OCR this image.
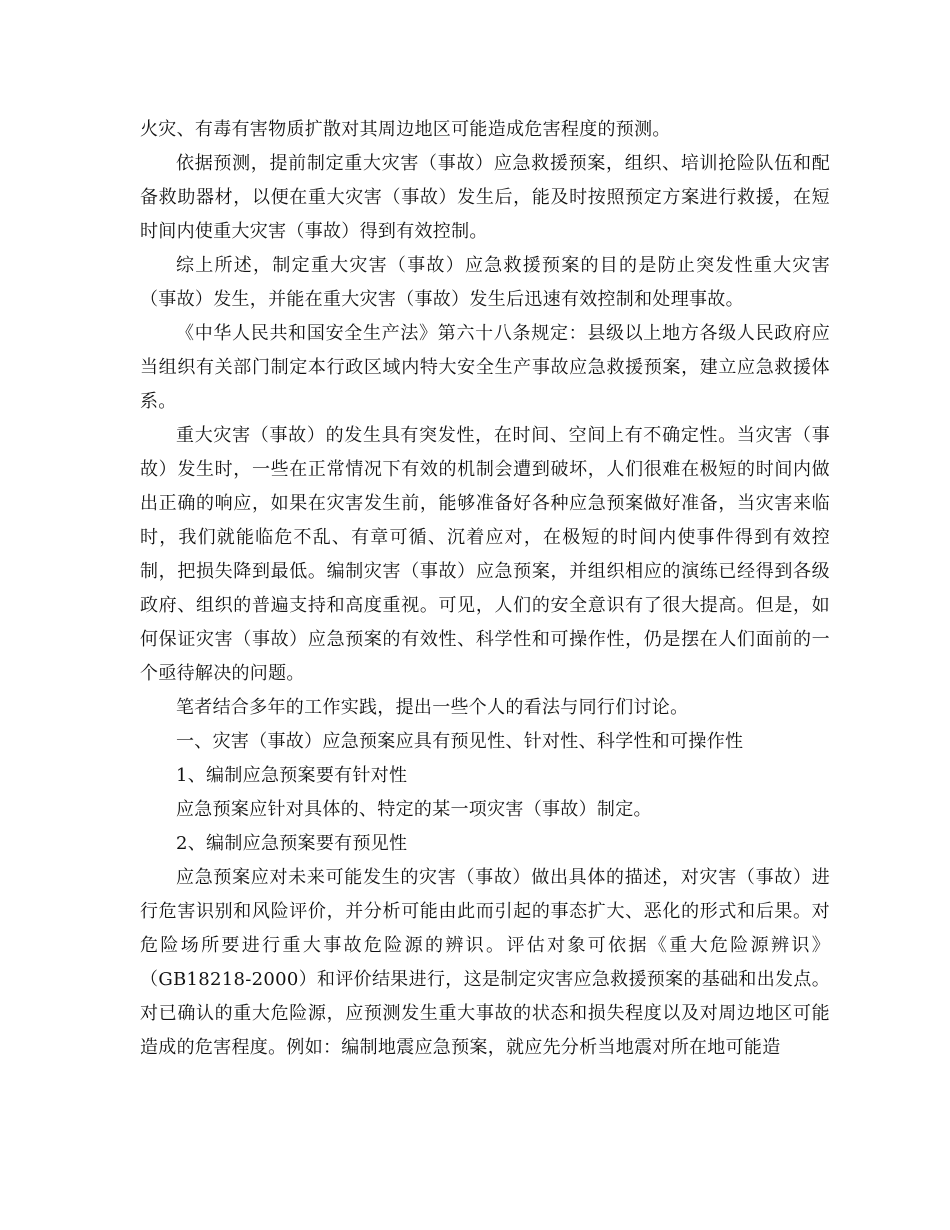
火灾、有毒有害物质扩散对其周边地区可能造成危害程度的预测。

依据预测，提前制定重大灾害（事故）应急救援预案，组织、培训抢险队伍和配备救助器材，以便在重大灾害（事故）发生后，能及时按照预定方案进行救援，在短时间内使重大灾害（事故）得到有效控制。

综上所述，制定重大灾害（事故）应急救援预案的目的是防止突发性重大灾害（事故）发生，并能在重大灾害（事故）发生后迅速有效控制和处理事故。

《中华人民共和国安全生产法》第六十八条规定：县级以上地方各级人民政府应当组织有关部门制定本行政区域内特大安全生产事故应急救援预案，建立应急救援体系。

重大灾害（事故）的发生具有突发性，在时间、空间上有不确定性。当灾害（事故）发生时，一些在正常情况下有效的机制会遭到破坏，人们很难在极短的时间内做出正确的响应，如果在灾害发生前，能够准备好各种应急预案做好准备，当灾害来临时，我们就能临危不乱、有章可循、沉着应对，在极短的时间内使事件得到有效控制，把损失降到最低。编制灾害（事故）应急预案，并组织相应的演练已经得到各级政府、组织的普遍支持和高度重视。可见，人们的安全意识有了很大提高。但是，如何保证灾害（事故）应急预案的有效性、科学性和可操作性，仍是摆在人们面前的一个亟待解决的问题。

笔者结合多年的工作实践，提出一些个人的看法与同行们讨论。

一、灾害（事故）应急预案应具有预见性、针对性、科学性和可操作性

1、编制应急预案要有针对性

应急预案应针对具体的、特定的某一项灾害（事故）制定。

2、编制应急预案要有预见性

应急预案应对未来可能发生的灾害（事故）做出具体的描述，对灾害（事故）进行危害识别和风险评价，并分析可能由此而引起的事态扩大、恶化的形式和后果。对危险场所要进行重大事故危险源的辨识。评估对象可依据《重大危险源辨识》（GB18218-2000）和评价结果进行，这是制定灾害应急救援预案的基础和出发点。对已确认的重大危险源，应预测发生重大事故的状态和损失程度以及对周边地区可能造成的危害程度。例如：编制地震应急预案，就应先分析当地震对所在地可能造
